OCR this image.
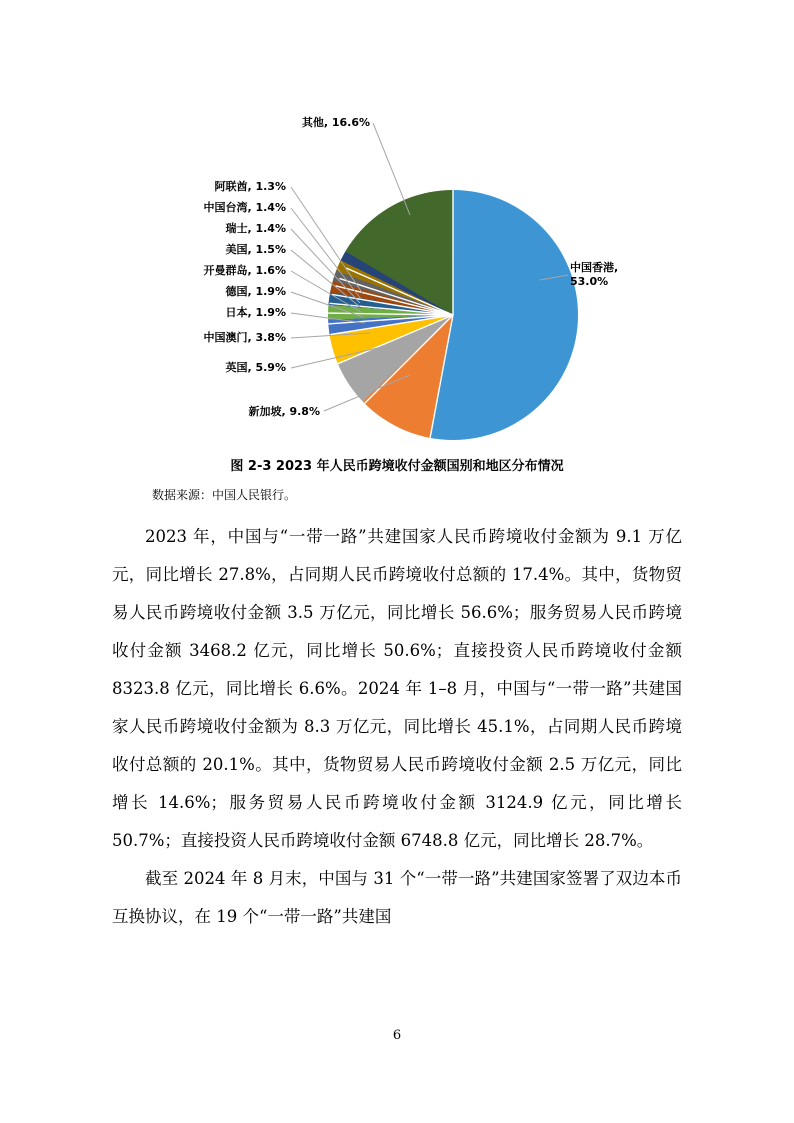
中国香港,
53.0%
新加坡, 9.8%
英国, 5.9%
中国澳门, 3.8%
日本, 1.9%
德国, 1.9%
开曼群岛, 1.6%
美国, 1.5%
瑞士, 1.4%
中国台湾, 1.4%
阿联酋, 1.3%
其他, 16.6%
图 2-3 2023 年人民币跨境收付金额国别和地区分布情况
数据来源：中国人民银行。

2023 年，中国与“一带一路”共建国家人民币跨境收付金额为 9.1 万亿元，同比增长 27.8%，占同期人民币跨境收付总额的 17.4%。其中，货物贸易人民币跨境收付金额 3.5 万亿元，同比增长 56.6%；服务贸易人民币跨境收付金额 3468.2 亿元，同比增长 50.6%；直接投资人民币跨境收付金额 8323.8 亿元，同比增长 6.6%。2024 年 1–8 月，中国与“一带一路”共建国家人民币跨境收付金额为 8.3 万亿元，同比增长 45.1%，占同期人民币跨境收付总额的 20.1%。其中，货物贸易人民币跨境收付金额 2.5 万亿元，同比增长 14.6%；服务贸易人民币跨境收付金额 3124.9 亿元，同比增长 50.7%；直接投资人民币跨境收付金额 6748.8 亿元，同比增长 28.7%。

截至 2024 年 8 月末，中国与 31 个“一带一路”共建国家签署了双边本币互换协议，在 19 个“一带一路”共建国

6
